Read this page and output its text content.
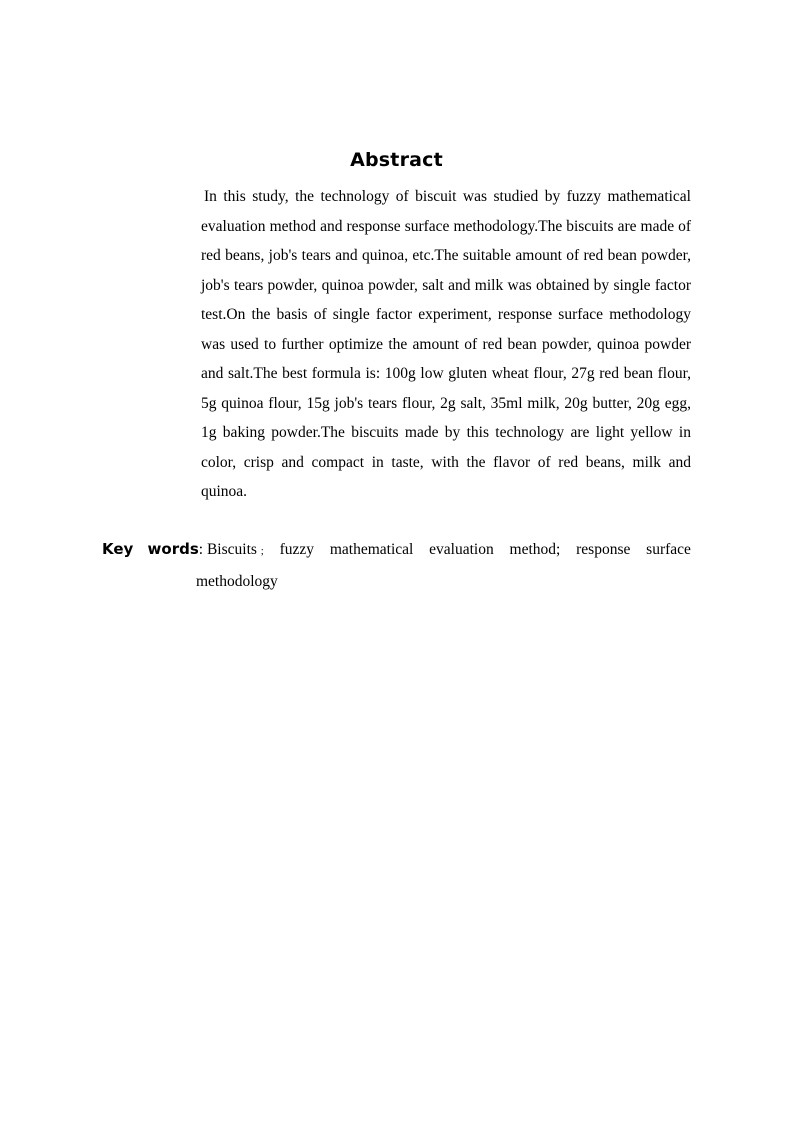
Abstract

In this study, the technology of biscuit was studied by fuzzy mathematical evaluation method and response surface methodology.The biscuits are made of red beans, job's tears and quinoa, etc.The suitable amount of red bean powder, job's tears powder, quinoa powder, salt and milk was obtained by single factor test.On the basis of single factor experiment, response surface methodology was used to further optimize the amount of red bean powder, quinoa powder and salt.The best formula is: 100g low gluten wheat flour, 27g red bean flour, 5g quinoa flour, 15g job's tears flour, 2g salt, 35ml milk, 20g butter, 20g egg, 1g baking powder.The biscuits made by this technology are light yellow in color, crisp and compact in taste, with the flavor of red beans, milk and quinoa.

Key words: Biscuits ; fuzzy mathematical evaluation method; response surface
methodology
